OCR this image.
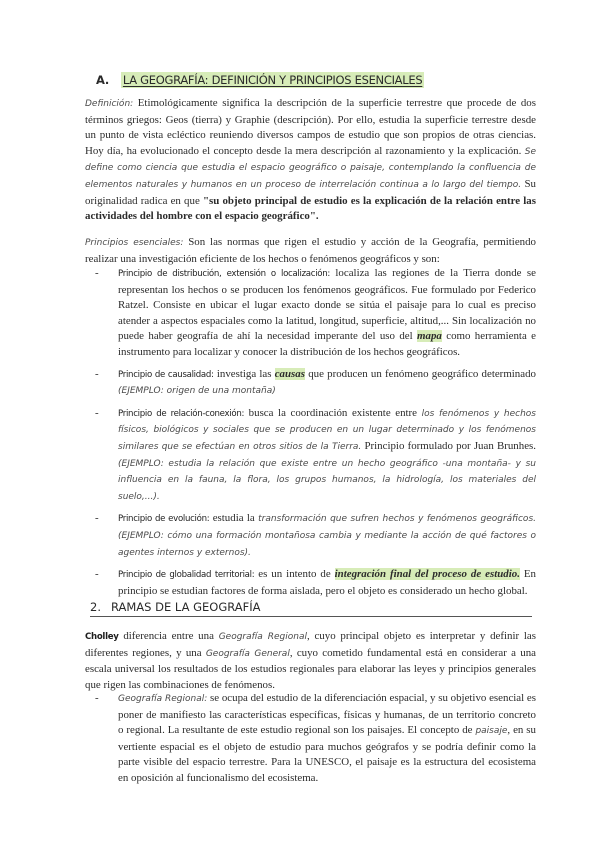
A. LA GEOGRAFÍA: DEFINICIÓN Y PRINCIPIOS ESENCIALES

Definición: Etimológicamente significa la descripción de la superficie terrestre que procede de dos términos griegos: Geos (tierra) y Graphie (descripción). Por ello, estudia la superficie terrestre desde un punto de vista ecléctico reuniendo diversos campos de estudio que son propios de otras ciencias. Hoy día, ha evolucionado el concepto desde la mera descripción al razonamiento y la explicación. Se define como ciencia que estudia el espacio geográfico o paisaje, contemplando la confluencia de elementos naturales y humanos en un proceso de interrelación continua a lo largo del tiempo. Su originalidad radica en que "su objeto principal de estudio es la explicación de la relación entre las actividades del hombre con el espacio geográfico".

Principios esenciales: Son las normas que rigen el estudio y acción de la Geografía, permitiendo realizar una investigación eficiente de los hechos o fenómenos geográficos y son:

- Principio de distribución, extensión o localización: localiza las regiones de la Tierra donde se representan los hechos o se producen los fenómenos geográficos. Fue formulado por Federico Ratzel. Consiste en ubicar el lugar exacto donde se sitúa el paisaje para lo cual es preciso atender a aspectos espaciales como la latitud, longitud, superficie, altitud,... Sin localización no puede haber geografía de ahí la necesidad imperante del uso del mapa como herramienta e instrumento para localizar y conocer la distribución de los hechos geográficos.
- Principio de causalidad: investiga las causas que producen un fenómeno geográfico determinado (EJEMPLO: origen de una montaña)
- Principio de relación-conexión: busca la coordinación existente entre los fenómenos y hechos físicos, biológicos y sociales que se producen en un lugar determinado y los fenómenos similares que se efectúan en otros sitios de la Tierra. Principio formulado por Juan Brunhes. (EJEMPLO: estudia la relación que existe entre un hecho geográfico -una montaña- y su influencia en la fauna, la flora, los grupos humanos, la hidrología, los materiales del suelo,...).
- Principio de evolución: estudia la transformación que sufren hechos y fenómenos geográficos. (EJEMPLO: cómo una formación montañosa cambia y mediante la acción de qué factores o agentes internos y externos).
- Principio de globalidad territorial: es un intento de integración final del proceso de estudio. En principio se estudian factores de forma aislada, pero el objeto es considerado un hecho global.
2. RAMAS DE LA GEOGRAFÍA

Cholley diferencia entre una Geografía Regional, cuyo principal objeto es interpretar y definir las diferentes regiones, y una Geografía General, cuyo cometido fundamental está en considerar a una escala universal los resultados de los estudios regionales para elaborar las leyes y principios generales que rigen las combinaciones de fenómenos.

- Geografía Regional: se ocupa del estudio de la diferenciación espacial, y su objetivo esencial es poner de manifiesto las características específicas, físicas y humanas, de un territorio concreto o regional. La resultante de este estudio regional son los paisajes. El concepto de paisaje, en su vertiente espacial es el objeto de estudio para muchos geógrafos y se podría definir como la parte visible del espacio terrestre. Para la UNESCO, el paisaje es la estructura del ecosistema en oposición al funcionalismo del ecosistema.
